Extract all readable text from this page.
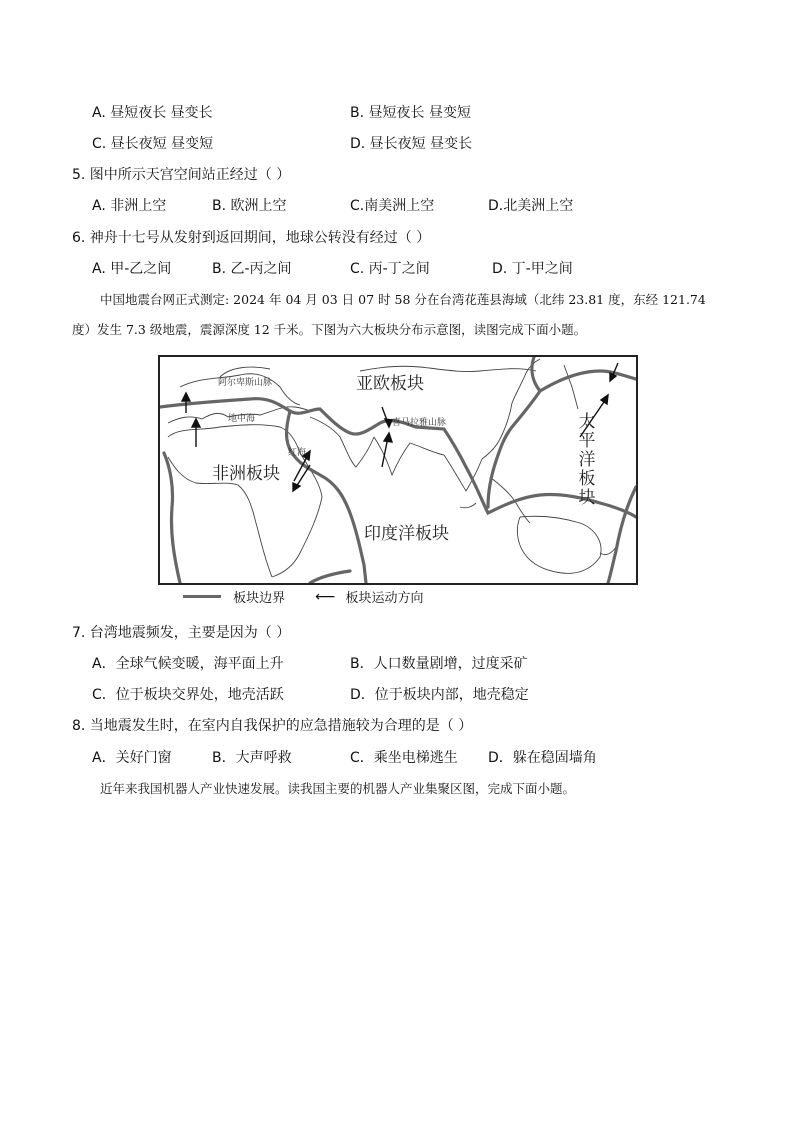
A. 昼短夜长 昼变长	B. 昼短夜长 昼变短
C. 昼长夜短 昼变短	D. 昼长夜短 昼变长
5. 图中所示天宫空间站正经过（ ）
A. 非洲上空	B. 欧洲上空	C.南美洲上空	D.北美洲上空
6. 神舟十七号从发射到返回期间，地球公转没有经过（ ）
A. 甲-乙之间	B. 乙-丙之间	C. 丙-丁之间	D. 丁-甲之间
中国地震台网正式测定: 2024 年 04 月 03 日 07 时 58 分在台湾花莲县海域（北纬 23.81 度，东经 121.74
度）发生 7.3 级地震，震源深度 12 千米。下图为六大板块分布示意图，读图完成下面小题。
亚欧板块
非洲板块
印度洋板块
太平洋板块
阿尔卑斯山脉
地中海
红海
喜马拉雅山脉
板块边界 ⟵ 板块运动方向
7. 台湾地震频发，主要是因为（ ）
A．全球气候变暖，海平面上升	B．人口数量剧增，过度采矿
C．位于板块交界处，地壳活跃	D．位于板块内部，地壳稳定
8. 当地震发生时，在室内自我保护的应急措施较为合理的是（ ）
A．关好门窗	B．大声呼救	C．乘坐电梯逃生 D．躲在稳固墙角
近年来我国机器人产业快速发展。读我国主要的机器人产业集聚区图，完成下面小题。
